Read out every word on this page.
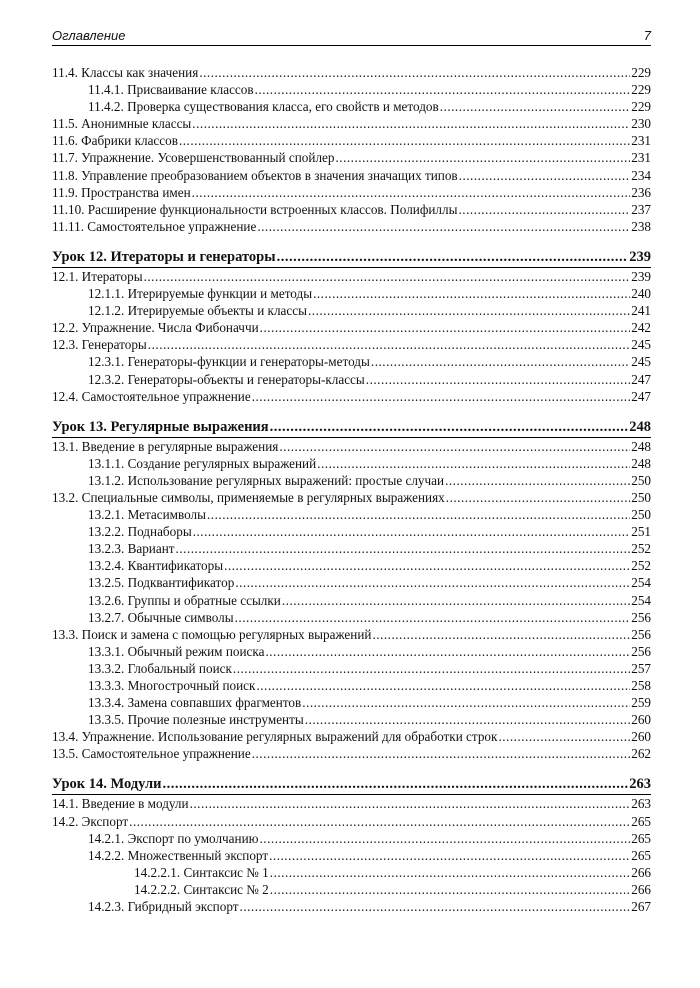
Оглавление	7
11.4. Классы как значения .....	229
11.4.1. Присваивание классов .....	229
11.4.2. Проверка существования класса, его свойств и методов .....	229
11.5. Анонимные классы .....	230
11.6. Фабрики классов .....	231
11.7. Упражнение. Усовершенствованный спойлер .....	231
11.8. Управление преобразованием объектов в значения значащих типов .....	234
11.9. Пространства имен .....	236
11.10. Расширение функциональности встроенных классов. Полифиллы .....	237
11.11. Самостоятельное упражнение .....	238
Урок 12. Итераторы и генераторы .....	239
12.1. Итераторы .....	239
12.1.1. Итерируемые функции и методы .....	240
12.1.2. Итерируемые объекты и классы .....	241
12.2. Упражнение. Числа Фибоначчи .....	242
12.3. Генераторы .....	245
12.3.1. Генераторы-функции и генераторы-методы .....	245
12.3.2. Генераторы-объекты и генераторы-классы .....	247
12.4. Самостоятельное упражнение .....	247
Урок 13. Регулярные выражения .....	248
13.1. Введение в регулярные выражения .....	248
13.1.1. Создание регулярных выражений .....	248
13.1.2. Использование регулярных выражений: простые случаи .....	250
13.2. Специальные символы, применяемые в регулярных выражениях .....	250
13.2.1. Метасимволы .....	250
13.2.2. Поднаборы .....	251
13.2.3. Вариант .....	252
13.2.4. Квантификаторы .....	252
13.2.5. Подквантификатор .....	254
13.2.6. Группы и обратные ссылки .....	254
13.2.7. Обычные символы .....	256
13.3. Поиск и замена с помощью регулярных выражений .....	256
13.3.1. Обычный режим поиска .....	256
13.3.2. Глобальный поиск .....	257
13.3.3. Многострочный поиск .....	258
13.3.4. Замена совпавших фрагментов .....	259
13.3.5. Прочие полезные инструменты .....	260
13.4. Упражнение. Использование регулярных выражений для обработки строк .....	260
13.5. Самостоятельное упражнение .....	262
Урок 14. Модули .....	263
14.1. Введение в модули .....	263
14.2. Экспорт .....	265
14.2.1. Экспорт по умолчанию .....	265
14.2.2. Множественный экспорт .....	265
14.2.2.1. Синтаксис № 1 .....	266
14.2.2.2. Синтаксис № 2 .....	266
14.2.3. Гибридный экспорт .....	267
